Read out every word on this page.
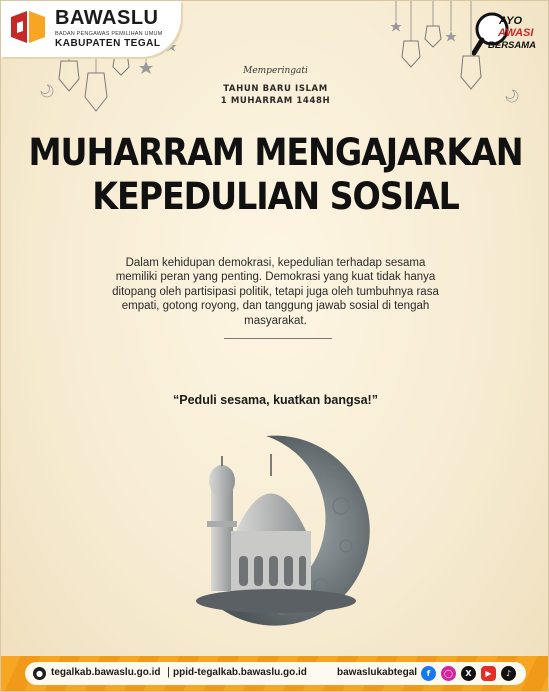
BAWASLU
BADAN PENGAWAS PEMILIHAN UMUM
KABUPATEN TEGAL
AYO
AWASI
BERSAMA
Memperingati
TAHUN BARU ISLAM
1 MUHARRAM 1448H
MUHARRAM MENGAJARKAN
KEPEDULIAN SOSIAL
Dalam kehidupan demokrasi, kepedulian terhadap sesama memiliki peran yang penting. Demokrasi yang kuat tidak hanya ditopang oleh partisipasi politik, tetapi juga oleh tumbuhnya rasa empati, gotong royong, dan tanggung jawab sosial di tengah masyarakat.
“Peduli sesama, kuatkan bangsa!”
● tegalkab.bawaslu.go.id | ppid-tegalkab.bawaslu.go.id	bawaslukabtegal	f	◯	X	▶	♪
